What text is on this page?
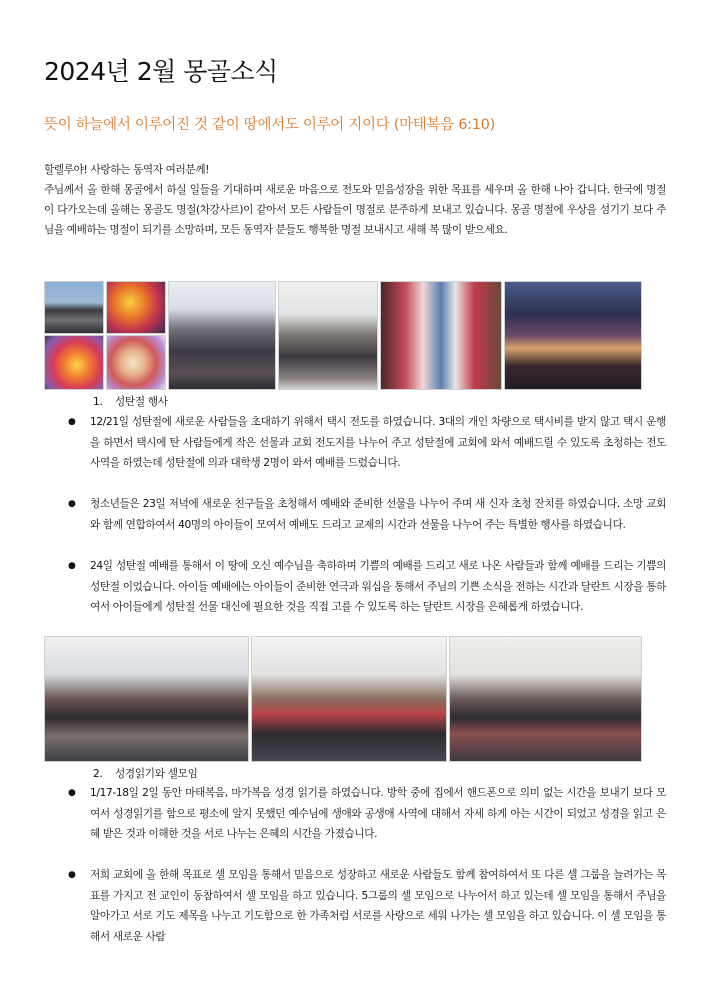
2024년 2월 몽골소식
뜻이 하늘에서 이루어진 것 같이 땅에서도 이루어 지이다 (마태복음 6:10)

할렐루야! 사랑하는 동역자 여러분께!

주님께서 올 한해 몽골에서 하실 일들을 기대하며 새로운 마음으로 전도와 믿음성장을 위한 목표를 세우며 올 한해 나아 갑니다. 한국에 명절이 다가오는데 올해는 몽골도 명절(차강사르)이 같아서 모든 사람들이 명절로 분주하게 보내고 있습니다. 몽골 명절에 우상을 섬기기 보다 주님을 예배하는 명절이 되기를 소망하며, 모든 동역자 분들도 행복한 명절 보내시고 새해 복 많이 받으세요.

1. 성탄절 행사
● 12/21일 성탄절에 새로운 사람들을 초대하기 위해서 택시 전도를 하였습니다. 3대의 개인 차량으로 택시비를 받지 않고 택시 운행을 하면서 택시에 탄 사람들에게 작은 선물과 교회 전도지를 나누어 주고 성탄절에 교회에 와서 예배드릴 수 있도록 초청하는 전도 사역을 하였는데 성탄절에 의과 대학생 2명이 와서 예배를 드렸습니다.
● 청소년들은 23일 저녁에 새로운 친구들을 초청해서 예배와 준비한 선물을 나누어 주며 새 신자 초청 잔치를 하였습니다. 소망 교회와 함께 연합하여서 40명의 아이들이 모여서 예배도 드리고 교제의 시간과 선물을 나누어 주는 특별한 행사를 하였습니다.
● 24일 성탄절 예배를 통해서 이 땅에 오신 예수님을 축하하며 기쁨의 예배를 드리고 새로 나온 사람들과 함께 예배를 드리는 기쁨의 성탄절 이었습니다. 아이들 예배에는 아이들이 준비한 연극과 워십을 통해서 주님의 기쁜 소식을 전하는 시간과 달란트 시장을 통하여서 아이들에게 성탄절 선물 대신에 필요한 것을 직접 고를 수 있도록 하는 달란트 시장을 은혜롭게 하였습니다.
2. 성경읽기와 셀모임
● 1/17-18일 2일 동안 마태복음, 마가복음 성경 읽기를 하였습니다. 방학 중에 집에서 핸드폰으로 의미 없는 시간을 보내기 보다 모여서 성경읽기를 함으로 평소에 알지 못했던 예수님에 생애와 공생애 사역에 대해서 자세 하게 아는 시간이 되었고 성경을 읽고 은혜 받은 것과 이해한 것을 서로 나누는 은혜의 시간을 가졌습니다.
● 저희 교회에 올 한해 목표로 셀 모임을 통해서 믿음으로 성장하고 새로운 사람들도 함께 참여하여서 또 다른 셀 그룹을 늘려가는 목표를 가지고 전 교인이 동참하여서 셀 모임을 하고 있습니다. 5그룹의 셀 모임으로 나누어서 하고 있는데 셀 모임을 통해서 주님을 알아가고 서로 기도 제목을 나누고 기도함으로 한 가족처럼 서로를 사랑으로 세워 나가는 셀 모임을 하고 있습니다. 이 셀 모임을 통해서 새로운 사람
